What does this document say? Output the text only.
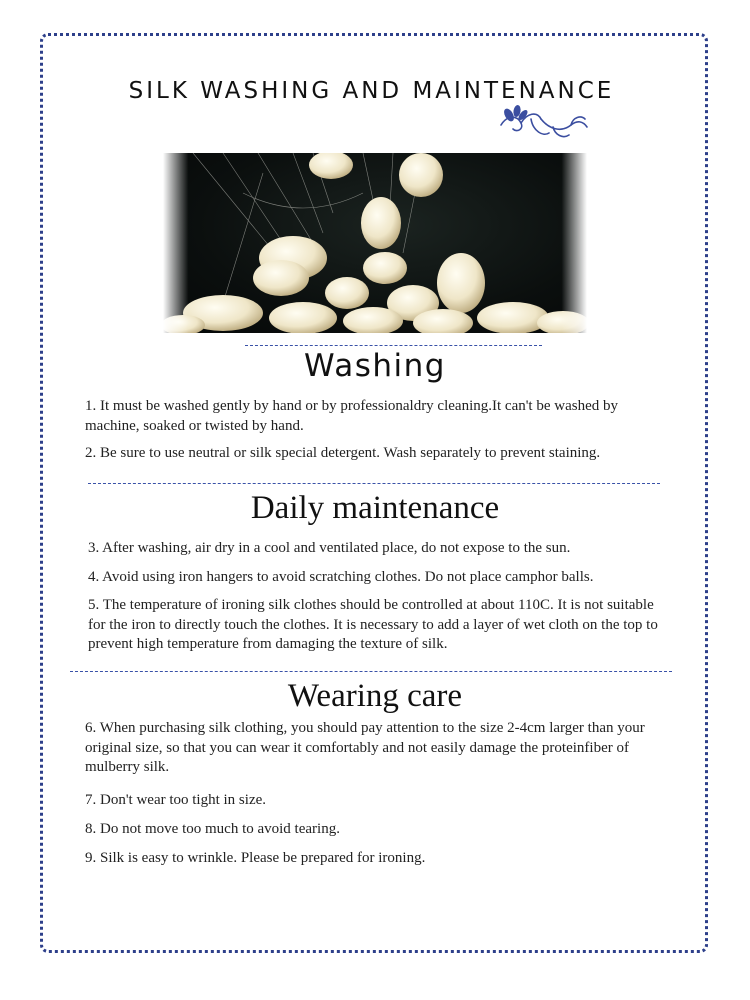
SILK WASHING AND MAINTENANCE
Washing

1. It must be washed gently by hand or by professionaldry cleaning.It can't be washed by machine, soaked or twisted by hand.

2. Be sure to use neutral or silk special detergent. Wash separately to prevent staining.

Daily maintenance

3. After washing, air dry in a cool and ventilated place, do not expose to the sun.

4. Avoid using iron hangers to avoid scratching clothes. Do not place camphor balls.

5. The temperature of ironing silk clothes should be controlled at about 110C. It is not suitable for the iron to directly touch the clothes. It is necessary to add a layer of wet cloth on the top to prevent high temperature from damaging the texture of silk.

Wearing care

6. When purchasing silk clothing, you should pay attention to the size 2-4cm larger than your original size, so that you can wear it comfortably and not easily damage the proteinfiber of mulberry silk.

7. Don't wear too tight in size.

8. Do not move too much to avoid tearing.

9. Silk is easy to wrinkle. Please be prepared for ironing.
